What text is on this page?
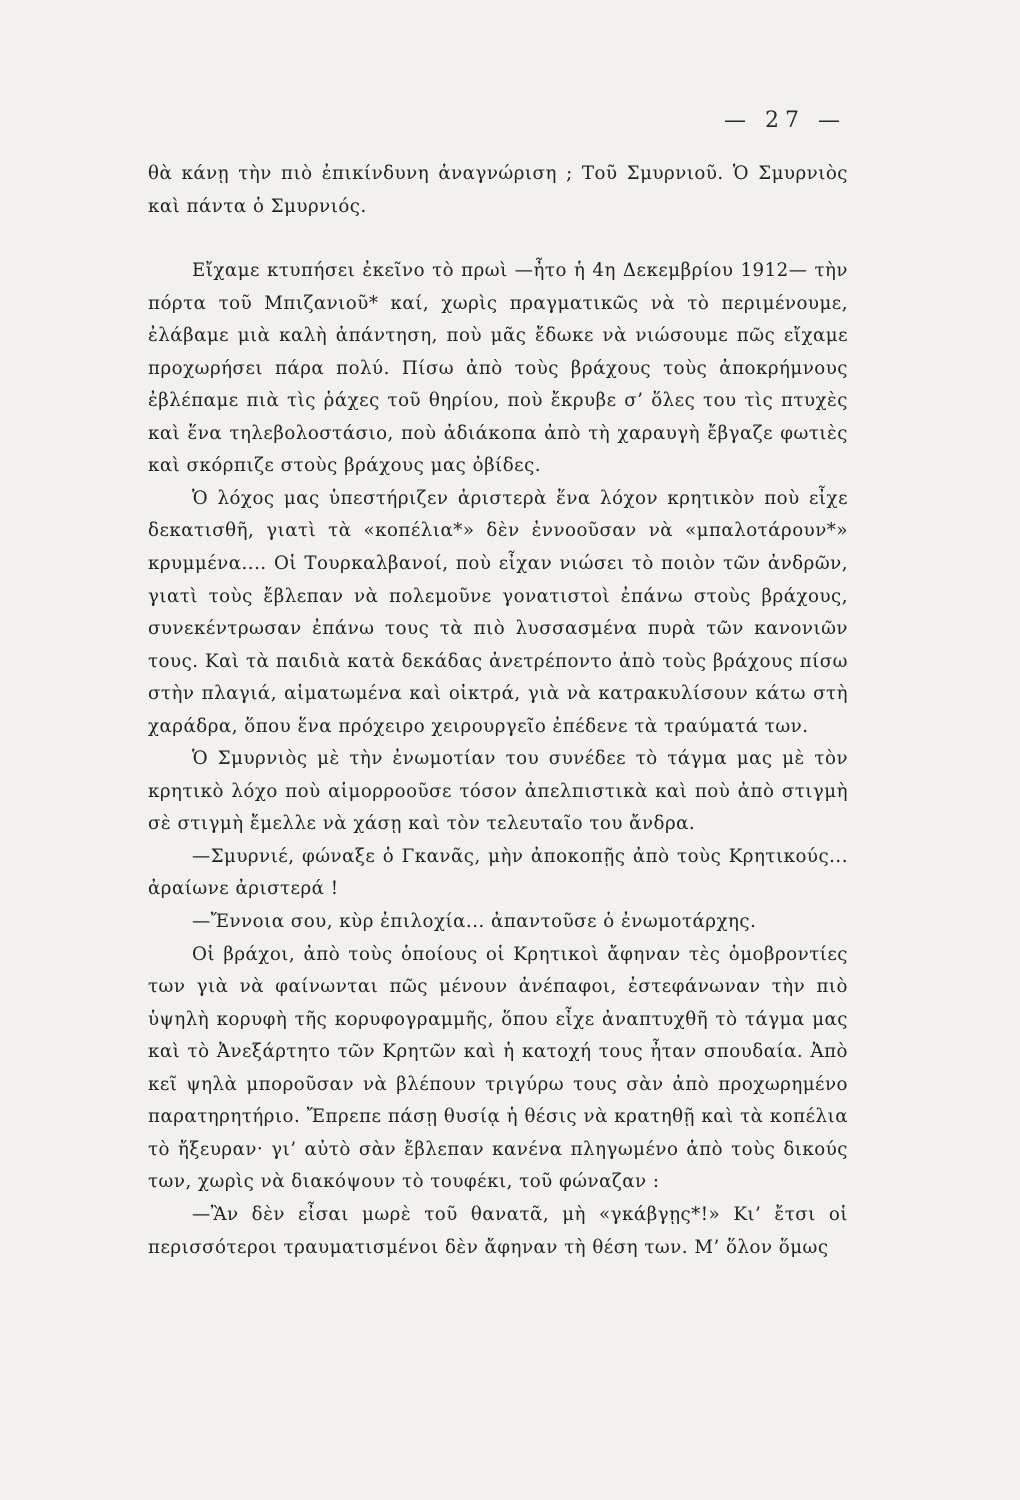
— 27 —

θὰ κάνῃ τὴν πιὸ ἐπικίνδυνη ἀναγνώριση ; Τοῦ Σμυρνιοῦ. Ὁ Σμυρνιὸς καὶ πάντα ὁ Σμυρνιός.

Εἴχαμε κτυπήσει ἐκεῖνο τὸ πρωὶ —ἦτο ἡ 4η Δεκεμβρίου 1912— τὴν πόρτα τοῦ Μπιζανιοῦ* καί, χωρὶς πραγματικῶς νὰ τὸ περιμένουμε, ἐλάβαμε μιὰ καλὴ ἀπάντηση, ποὺ μᾶς ἔδωκε νὰ νιώσουμε πῶς εἴχαμε προχωρήσει πάρα πολύ. Πίσω ἀπὸ τοὺς βράχους τοὺς ἀποκρήμνους ἐβλέπαμε πιὰ τὶς ῥάχες τοῦ θηρίου, ποὺ ἔκρυβε σ’ ὅλες του τὶς πτυχὲς καὶ ἕνα τηλεβολοστάσιο, ποὺ ἀδιάκοπα ἀπὸ τὴ χαραυγὴ ἔβγαζε φωτιὲς καὶ σκόρπιζε στοὺς βράχους μας ὀβίδες.

Ὁ λόχος μας ὑπεστήριζεν ἀριστερὰ ἕνα λόχον κρητικὸν ποὺ εἶχε δεκατισθῆ, γιατὶ τὰ «κοπέλια*» δὲν ἐννοοῦσαν νὰ «μπαλοτάρουν*» κρυμμένα.... Οἱ Τουρκαλβανοί, ποὺ εἶχαν νιώσει τὸ ποιὸν τῶν ἀνδρῶν, γιατὶ τοὺς ἔβλεπαν νὰ πολεμοῦνε γονατιστοὶ ἐπάνω στοὺς βράχους, συνεκέντρωσαν ἐπάνω τους τὰ πιὸ λυσσασμένα πυρὰ τῶν κανονιῶν τους. Καὶ τὰ παιδιὰ κατὰ δεκάδας ἀνετρέποντο ἀπὸ τοὺς βράχους πίσω στὴν πλαγιά, αἱματωμένα καὶ οἰκτρά, γιὰ νὰ κατρακυλίσουν κάτω στὴ χαράδρα, ὅπου ἕνα πρόχειρο χειρουργεῖο ἐπέδενε τὰ τραύματά των.

Ὁ Σμυρνιὸς μὲ τὴν ἐνωμοτίαν του συνέδεε τὸ τάγμα μας μὲ τὸν κρητικὸ λόχο ποὺ αἱμορροοῦσε τόσον ἀπελπιστικὰ καὶ ποὺ ἀπὸ στιγμὴ σὲ στιγμὴ ἔμελλε νὰ χάσῃ καὶ τὸν τελευταῖο του ἄνδρα.

—Σμυρνιέ, φώναξε ὁ Γκανᾶς, μὴν ἀποκοπῇς ἀπὸ τοὺς Κρητικούς... ἀραίωνε ἀριστερά !

—Ἔννοια σου, κὺρ ἐπιλοχία... ἀπαντοῦσε ὁ ἐνωμοτάρχης.

Οἱ βράχοι, ἀπὸ τοὺς ὁποίους οἱ Κρητικοὶ ἄφηναν τὲς ὁμοβροντίες των γιὰ νὰ φαίνωνται πῶς μένουν ἀνέπαφοι, ἐστεφάνωναν τὴν πιὸ ὑψηλὴ κορυφὴ τῆς κορυφογραμμῆς, ὅπου εἶχε ἀναπτυχθῆ τὸ τάγμα μας καὶ τὸ Ἀνεξάρτητο τῶν Κρητῶν καὶ ἡ κατοχή τους ἦταν σπουδαία. Ἀπὸ κεῖ ψηλὰ μποροῦσαν νὰ βλέπουν τριγύρω τους σὰν ἀπὸ προχωρημένο παρατηρητήριο. Ἔπρεπε πάσῃ θυσίᾳ ἡ θέσις νὰ κρατηθῇ καὶ τὰ κοπέλια τὸ ἤξευραν· γι’ αὐτὸ σὰν ἔβλεπαν κανένα πληγωμένο ἀπὸ τοὺς δικούς των, χωρὶς νὰ διακόψουν τὸ τουφέκι, τοῦ φώναζαν :

—Ἂν δὲν εἶσαι μωρὲ τοῦ θανατᾶ, μὴ «γκάβγῃς*!» Κι’ ἔτσι οἱ περισσότεροι τραυματισμένοι δὲν ἄφηναν τὴ θέση των. Μ’ ὅλον ὅμως
